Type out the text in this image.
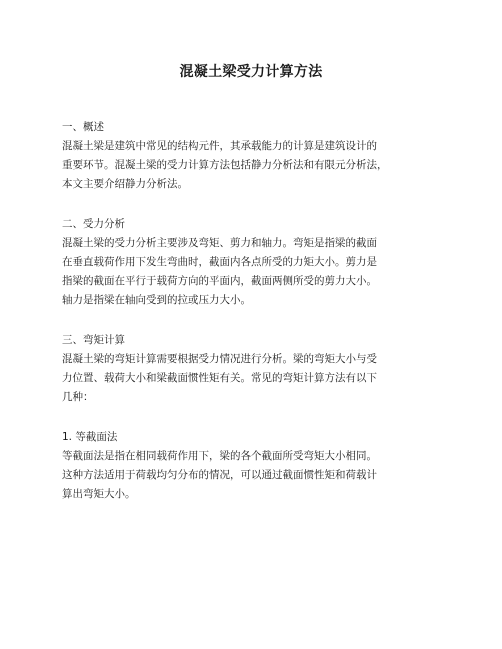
混凝土梁受力计算方法

一、概述

混凝土梁是建筑中常见的结构元件，其承载能力的计算是建筑设计的

重要环节。混凝土梁的受力计算方法包括静力分析法和有限元分析法，

本文主要介绍静力分析法。

二、受力分析

混凝土梁的受力分析主要涉及弯矩、剪力和轴力。弯矩是指梁的截面

在垂直载荷作用下发生弯曲时，截面内各点所受的力矩大小。剪力是

指梁的截面在平行于载荷方向的平面内，截面两侧所受的剪力大小。

轴力是指梁在轴向受到的拉或压力大小。

三、弯矩计算

混凝土梁的弯矩计算需要根据受力情况进行分析。梁的弯矩大小与受

力位置、载荷大小和梁截面惯性矩有关。常见的弯矩计算方法有以下

几种：

1. 等截面法

等截面法是指在相同载荷作用下，梁的各个截面所受弯矩大小相同。

这种方法适用于荷载均匀分布的情况，可以通过截面惯性矩和荷载计

算出弯矩大小。
